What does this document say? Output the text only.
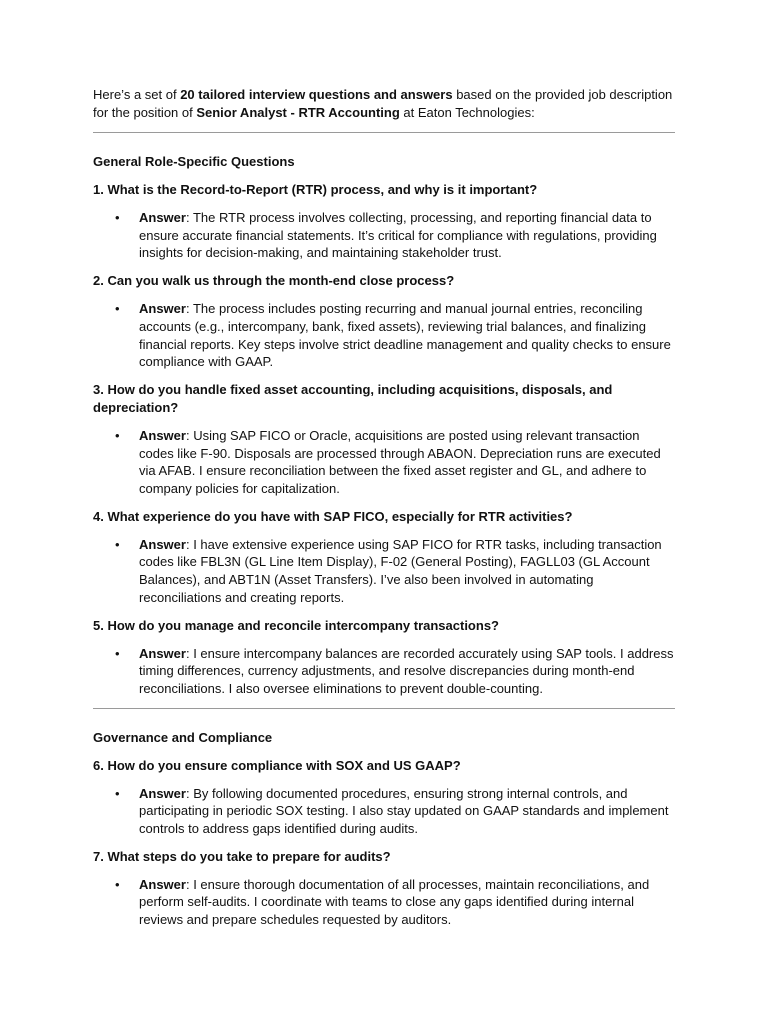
Here’s a set of 20 tailored interview questions and answers based on the provided job description for the position of Senior Analyst - RTR Accounting at Eaton Technologies:

General Role-Specific Questions

1. What is the Record-to-Report (RTR) process, and why is it important?

• Answer: The RTR process involves collecting, processing, and reporting financial data to ensure accurate financial statements. It’s critical for compliance with regulations, providing insights for decision-making, and maintaining stakeholder trust.

2. Can you walk us through the month-end close process?

• Answer: The process includes posting recurring and manual journal entries, reconciling accounts (e.g., intercompany, bank, fixed assets), reviewing trial balances, and finalizing financial reports. Key steps involve strict deadline management and quality checks to ensure compliance with GAAP.

3. How do you handle fixed asset accounting, including acquisitions, disposals, and depreciation?

• Answer: Using SAP FICO or Oracle, acquisitions are posted using relevant transaction codes like F-90. Disposals are processed through ABAON. Depreciation runs are executed via AFAB. I ensure reconciliation between the fixed asset register and GL, and adhere to company policies for capitalization.

4. What experience do you have with SAP FICO, especially for RTR activities?

• Answer: I have extensive experience using SAP FICO for RTR tasks, including transaction codes like FBL3N (GL Line Item Display), F-02 (General Posting), FAGLL03 (GL Account Balances), and ABT1N (Asset Transfers). I’ve also been involved in automating reconciliations and creating reports.

5. How do you manage and reconcile intercompany transactions?

• Answer: I ensure intercompany balances are recorded accurately using SAP tools. I address timing differences, currency adjustments, and resolve discrepancies during month-end reconciliations. I also oversee eliminations to prevent double-counting.

Governance and Compliance

6. How do you ensure compliance with SOX and US GAAP?

• Answer: By following documented procedures, ensuring strong internal controls, and participating in periodic SOX testing. I also stay updated on GAAP standards and implement controls to address gaps identified during audits.

7. What steps do you take to prepare for audits?

• Answer: I ensure thorough documentation of all processes, maintain reconciliations, and perform self-audits. I coordinate with teams to close any gaps identified during internal reviews and prepare schedules requested by auditors.
